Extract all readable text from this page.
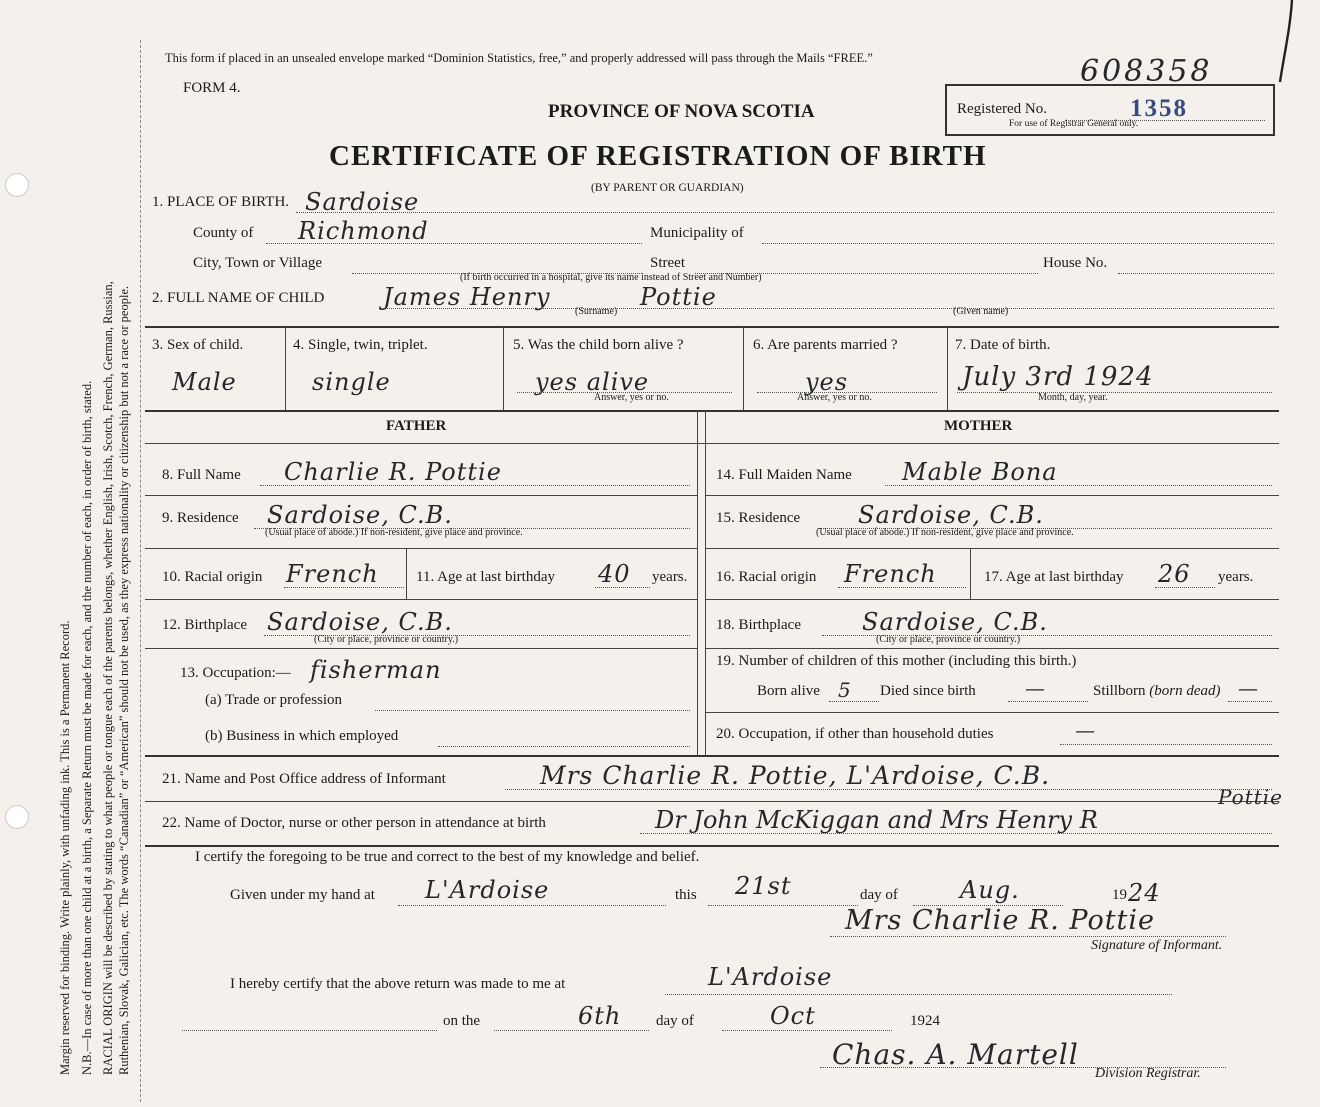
Margin reserved for binding. Write plainly, with unfading ink. This is a Permanent Record. N.B.—In case of more than one child at a birth, a Separate Return must be made for each, and the number of each, in order of birth, stated. RACIAL ORIGIN will be described by stating to what people or tongue each of the parents belongs, whether English, Irish, Scotch, French, German, Russian, Ruthenian, Slovak, Galician, etc. The words “Canadian” or “American” should not be used, as they express nationality or citizenship but not a race or people.
This form if placed in an unsealed envelope marked “Dominion Statistics, free,” and properly addressed will pass through the Mails “FREE.”	608358
FORM 4.
PROVINCE OF NOVA SCOTIA	Registered No.	1358
For use of Registrar General only.
CERTIFICATE OF REGISTRATION OF BIRTH
(BY PARENT OR GUARDIAN)
1. PLACE OF BIRTH. Sardoise
County of Richmond	Municipality of
City, Town or Village	Street	House No.
(If birth occurred in a hospital, give its name instead of Street and Number)
2. FULL NAME OF CHILD James Henry	Pottie
(Surname)	(Given name)
3. Sex of child.
Male
4. Single, twin, triplet.
single
5. Was the child born alive ?
yes alive
Answer, yes or no.
6. Are parents married ?
yes
Answer, yes or no.
7. Date of birth.
July 3rd 1924
Month, day, year.
FATHER	MOTHER
8. Full Name Charlie R. Pottie
9. Residence Sardoise, C.B.
(Usual place of abode.) If non-resident, give place and province.
10. Racial origin French 11. Age at last birthday 40 years.
12. Birthplace Sardoise, C.B.
(City or place, province or country.)
13. Occupation:— fisherman
(a) Trade or profession
(b) Business in which employed
14. Full Maiden Name Mable Bona
15. Residence Sardoise, C.B.
(Usual place of abode.) If non-resident, give place and province.
16. Racial origin French	17. Age at last birthday 26 years.
18. Birthplace	Sardoise, C.B.
(City or place, province or country.)
19. Number of children of this mother (including this birth.)
Born alive 5 Died since birth —	Stillborn (born dead) —
20. Occupation, if other than household duties	—
21. Name and Post Office address of Informant	Mrs Charlie R. Pottie, L'Ardoise, C.B.
22. Name of Doctor, nurse or other person in attendance at birth	Dr John McKiggan and Mrs Henry R
Pottie
I certify the foregoing to be true and correct to the best of my knowledge and belief.
Given under my hand at L'Ardoise	this 21st	day of	Aug.	19 24
Mrs Charlie R. Pottie
Signature of Informant.
I hereby certify that the above return was made to me at	L'Ardoise
on the	6th day of	Oct	1924
Chas. A. Martell
Division Registrar.
